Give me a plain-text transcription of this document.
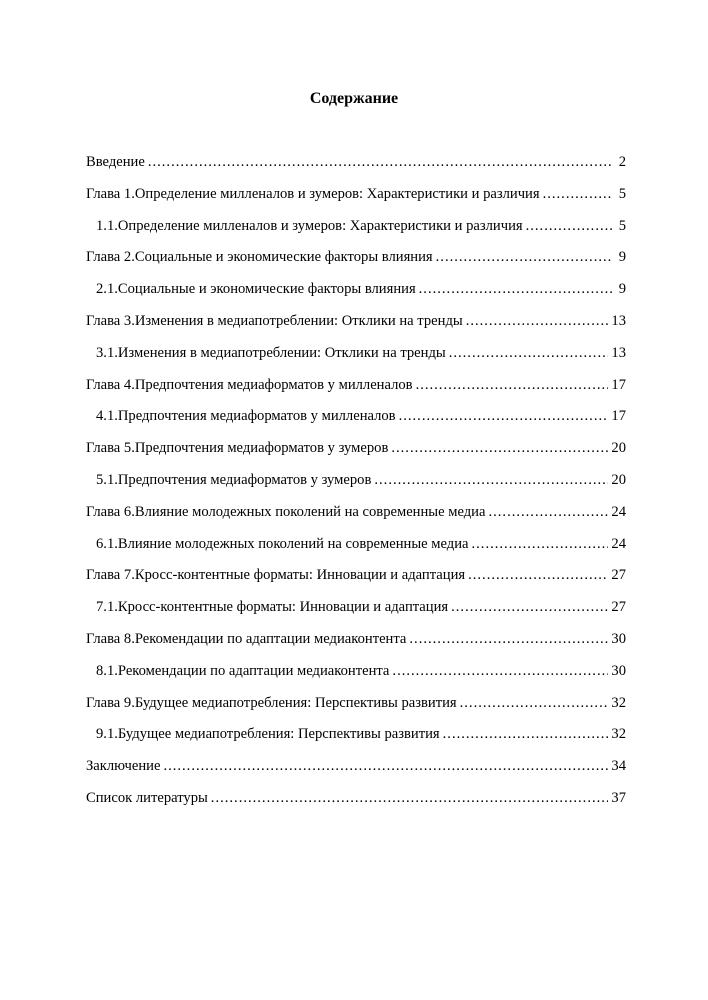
Содержание
Введение .....	2
Глава 1.Определение милленалов и зумеров: Характеристики и различия .....	5
1.1.Определение милленалов и зумеров: Характеристики и различия .....	5
Глава 2.Социальные и экономические факторы влияния .....	9
2.1.Социальные и экономические факторы влияния .....	9
Глава 3.Изменения в медиапотреблении: Отклики на тренды .....	13
3.1.Изменения в медиапотреблении: Отклики на тренды .....	13
Глава 4.Предпочтения медиаформатов у милленалов .....	17
4.1.Предпочтения медиаформатов у милленалов .....	17
Глава 5.Предпочтения медиаформатов у зумеров .....	20
5.1.Предпочтения медиаформатов у зумеров .....	20
Глава 6.Влияние молодежных поколений на современные медиа .....	24
6.1.Влияние молодежных поколений на современные медиа .....	24
Глава 7.Кросс-контентные форматы: Инновации и адаптация .....	27
7.1.Кросс-контентные форматы: Инновации и адаптация .....	27
Глава 8.Рекомендации по адаптации медиаконтента .....	30
8.1.Рекомендации по адаптации медиаконтента .....	30
Глава 9.Будущее медиапотребления: Перспективы развития .....	32
9.1.Будущее медиапотребления: Перспективы развития .....	32
Заключение .....	34
Список литературы .....	37
